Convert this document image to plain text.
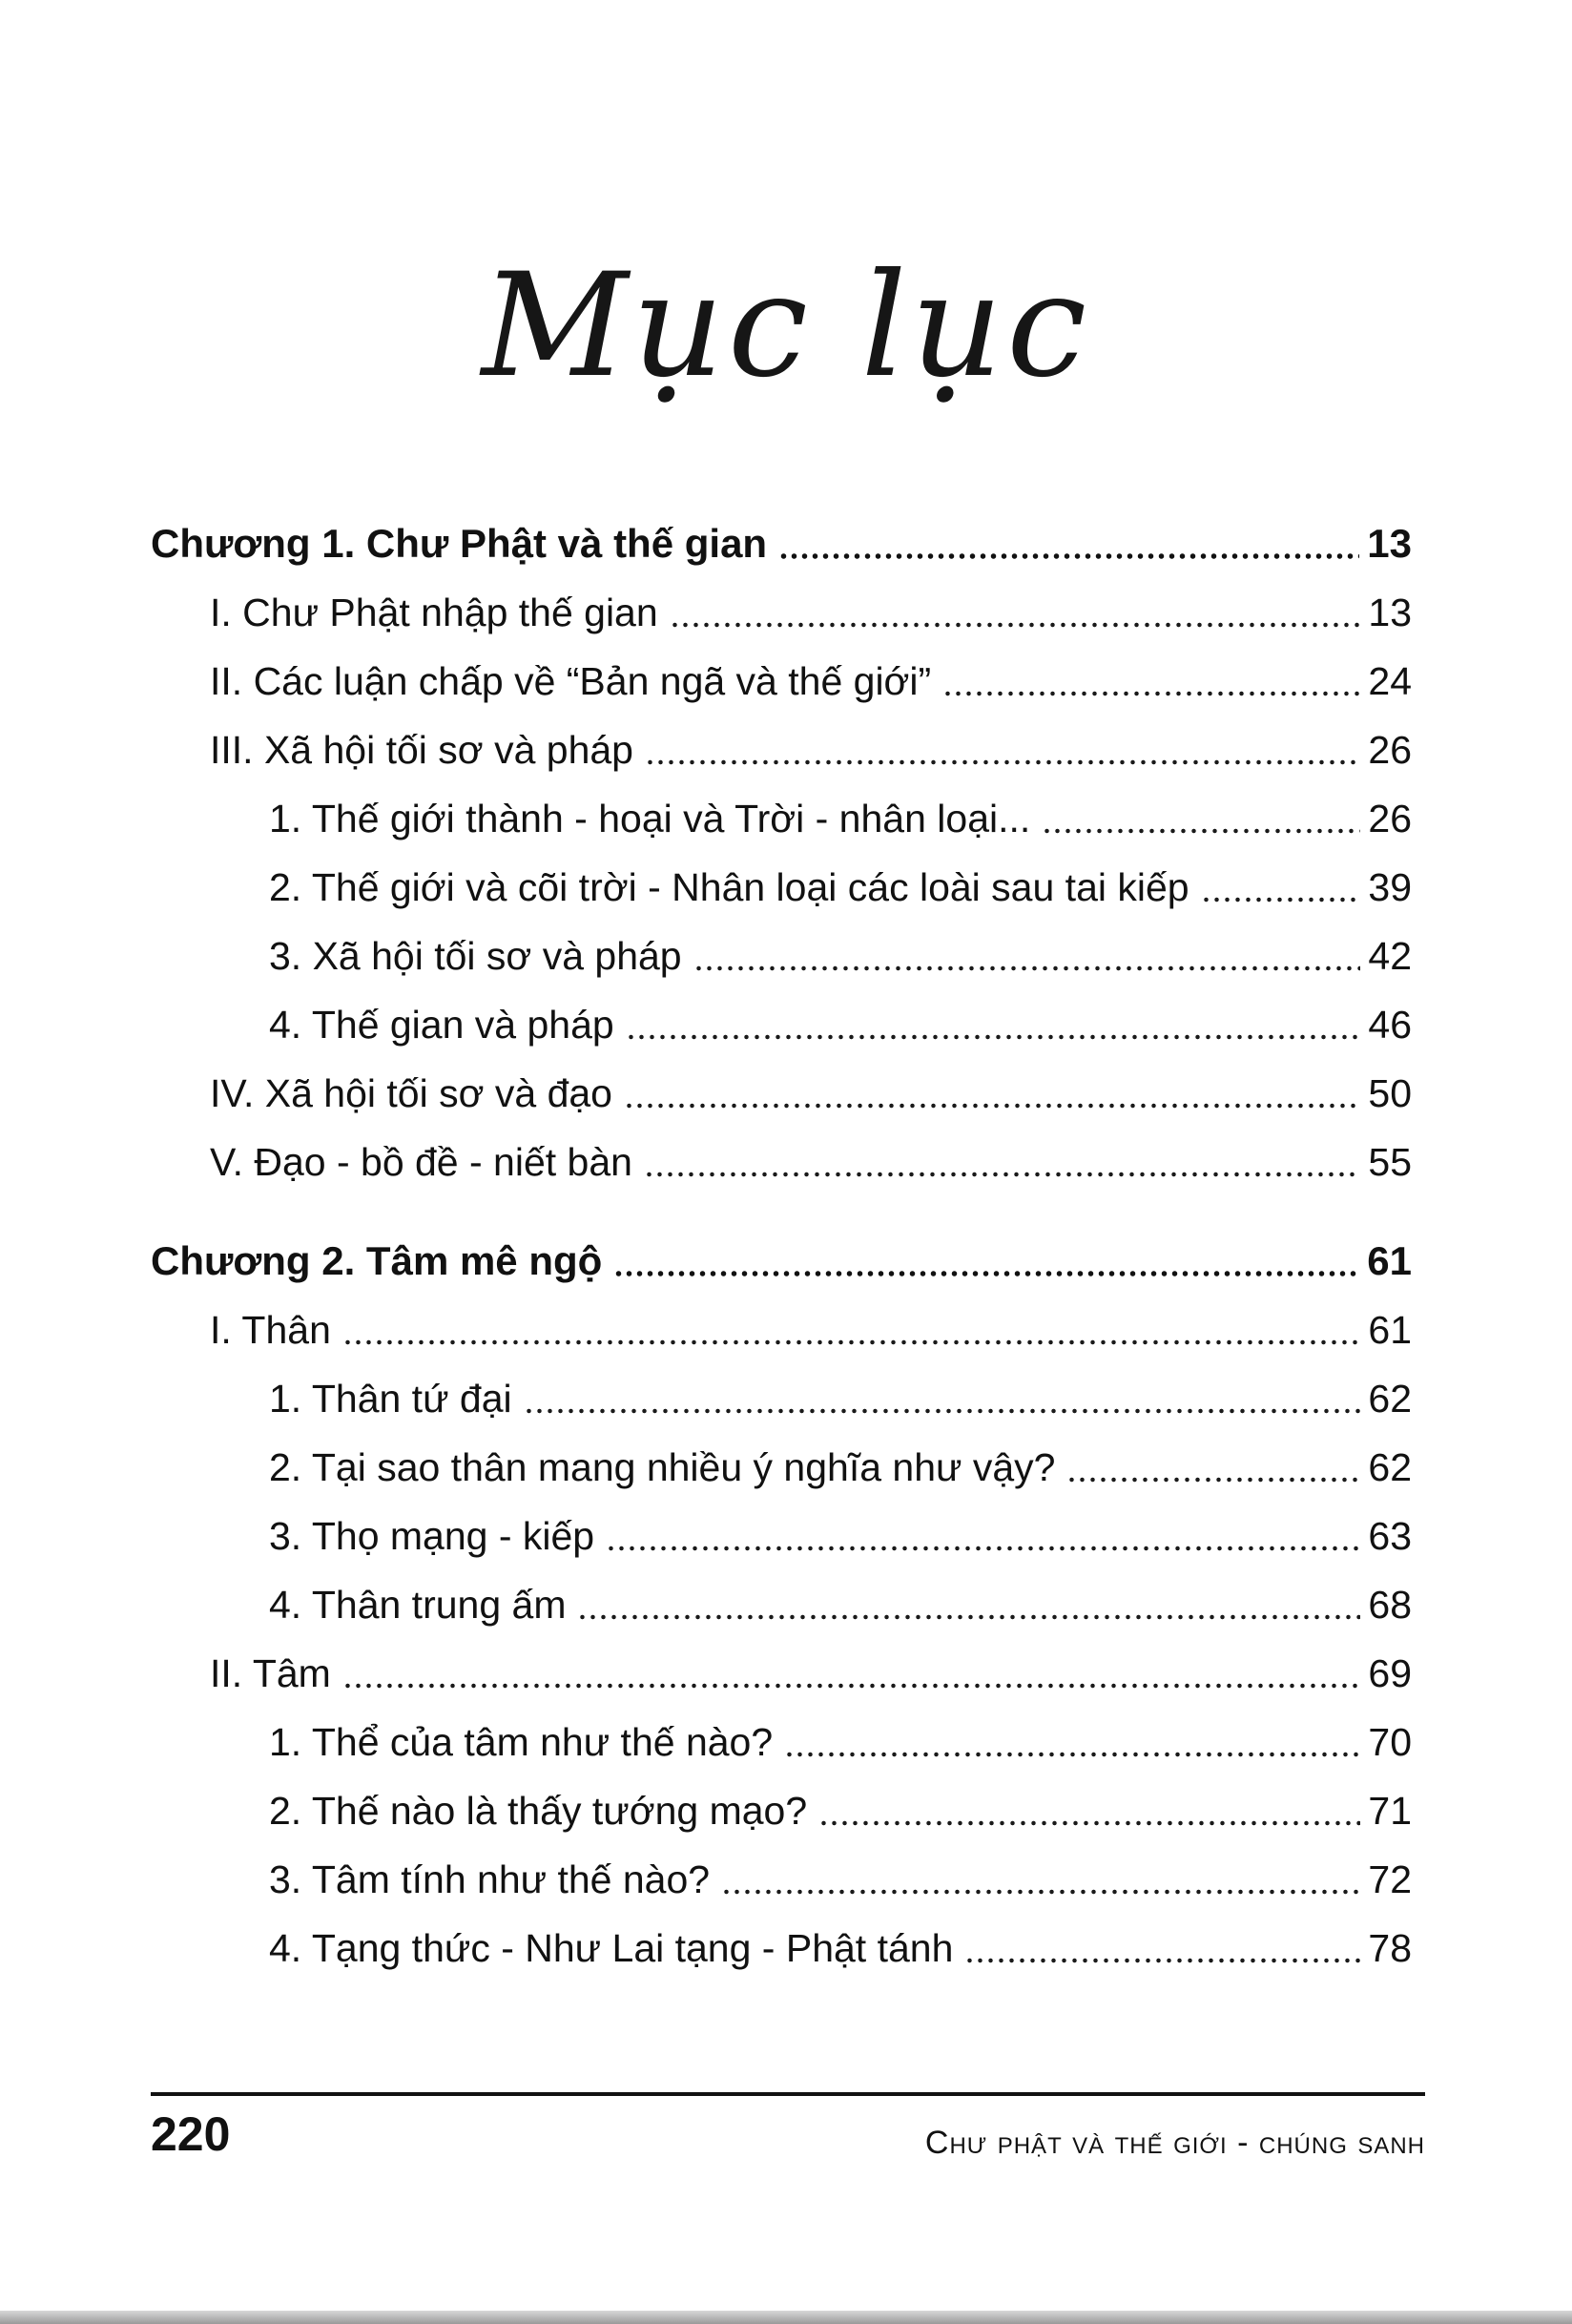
Mục lục
Chương 1. Chư Phật và thế gian	13
I. Chư Phật nhập thế gian	13
II. Các luận chấp về “Bản ngã và thế giới”	24
III. Xã hội tối sơ và pháp	26
1. Thế giới thành - hoại và Trời - nhân loại...	26
2. Thế giới và cõi trời - Nhân loại các loài sau tai kiếp	39
3. Xã hội tối sơ và pháp	42
4. Thế gian và pháp	46
IV. Xã hội tối sơ và đạo	50
V. Đạo - bồ đề - niết bàn	55
Chương 2. Tâm mê ngộ	61
I. Thân	61
1. Thân tứ đại	62
2. Tại sao thân mang nhiều ý nghĩa như vậy?	62
3. Thọ mạng - kiếp	63
4. Thân trung ấm	68
II. Tâm	69
1. Thể của tâm như thế nào?	70
2. Thế nào là thấy tướng mạo?	71
3. Tâm tính như thế nào?	72
4. Tạng thức - Như Lai tạng - Phật tánh	78
220	Chư phật và thế giới - chúng sanh
